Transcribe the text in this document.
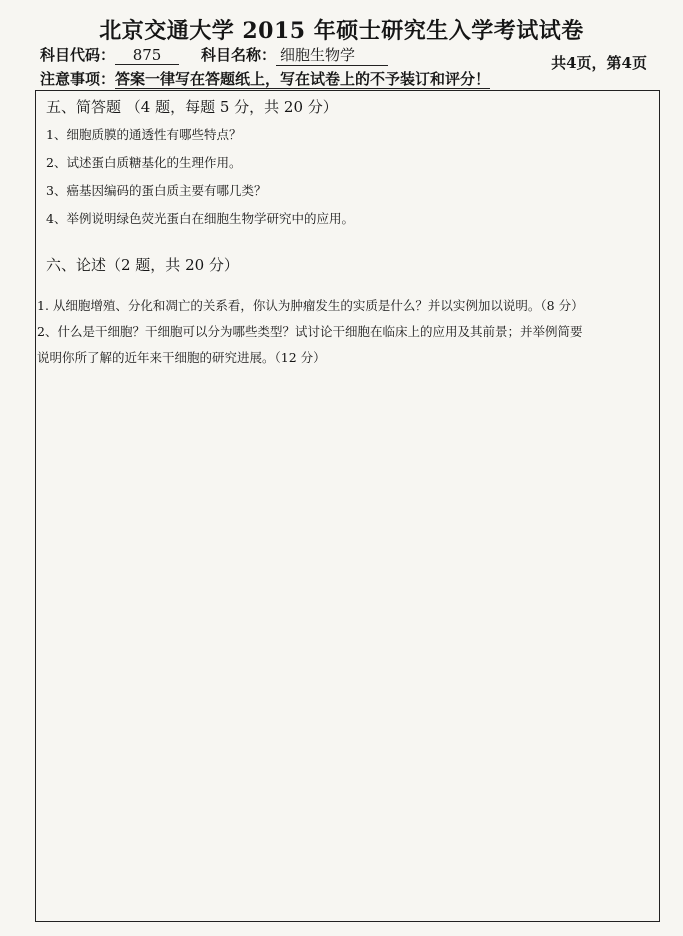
北京交通大学 2015 年硕士研究生入学考试试卷
科目代码： 875	科目名称： 细胞生物学	共4页，第4页
注意事项：答案一律写在答题纸上，写在试卷上的不予装订和评分！
五、简答题 （4 题，每题 5 分，共 20 分）
1、细胞质膜的通透性有哪些特点？
2、试述蛋白质糖基化的生理作用。
3、癌基因编码的蛋白质主要有哪几类？
4、举例说明绿色荧光蛋白在细胞生物学研究中的应用。
六、论述（2 题，共 20 分）
1. 从细胞增殖、分化和凋亡的关系看，你认为肿瘤发生的实质是什么？并以实例加以说明。（8 分）
2、什么是干细胞？干细胞可以分为哪些类型？试讨论干细胞在临床上的应用及其前景；并举例简要
说明你所了解的近年来干细胞的研究进展。（12 分）
